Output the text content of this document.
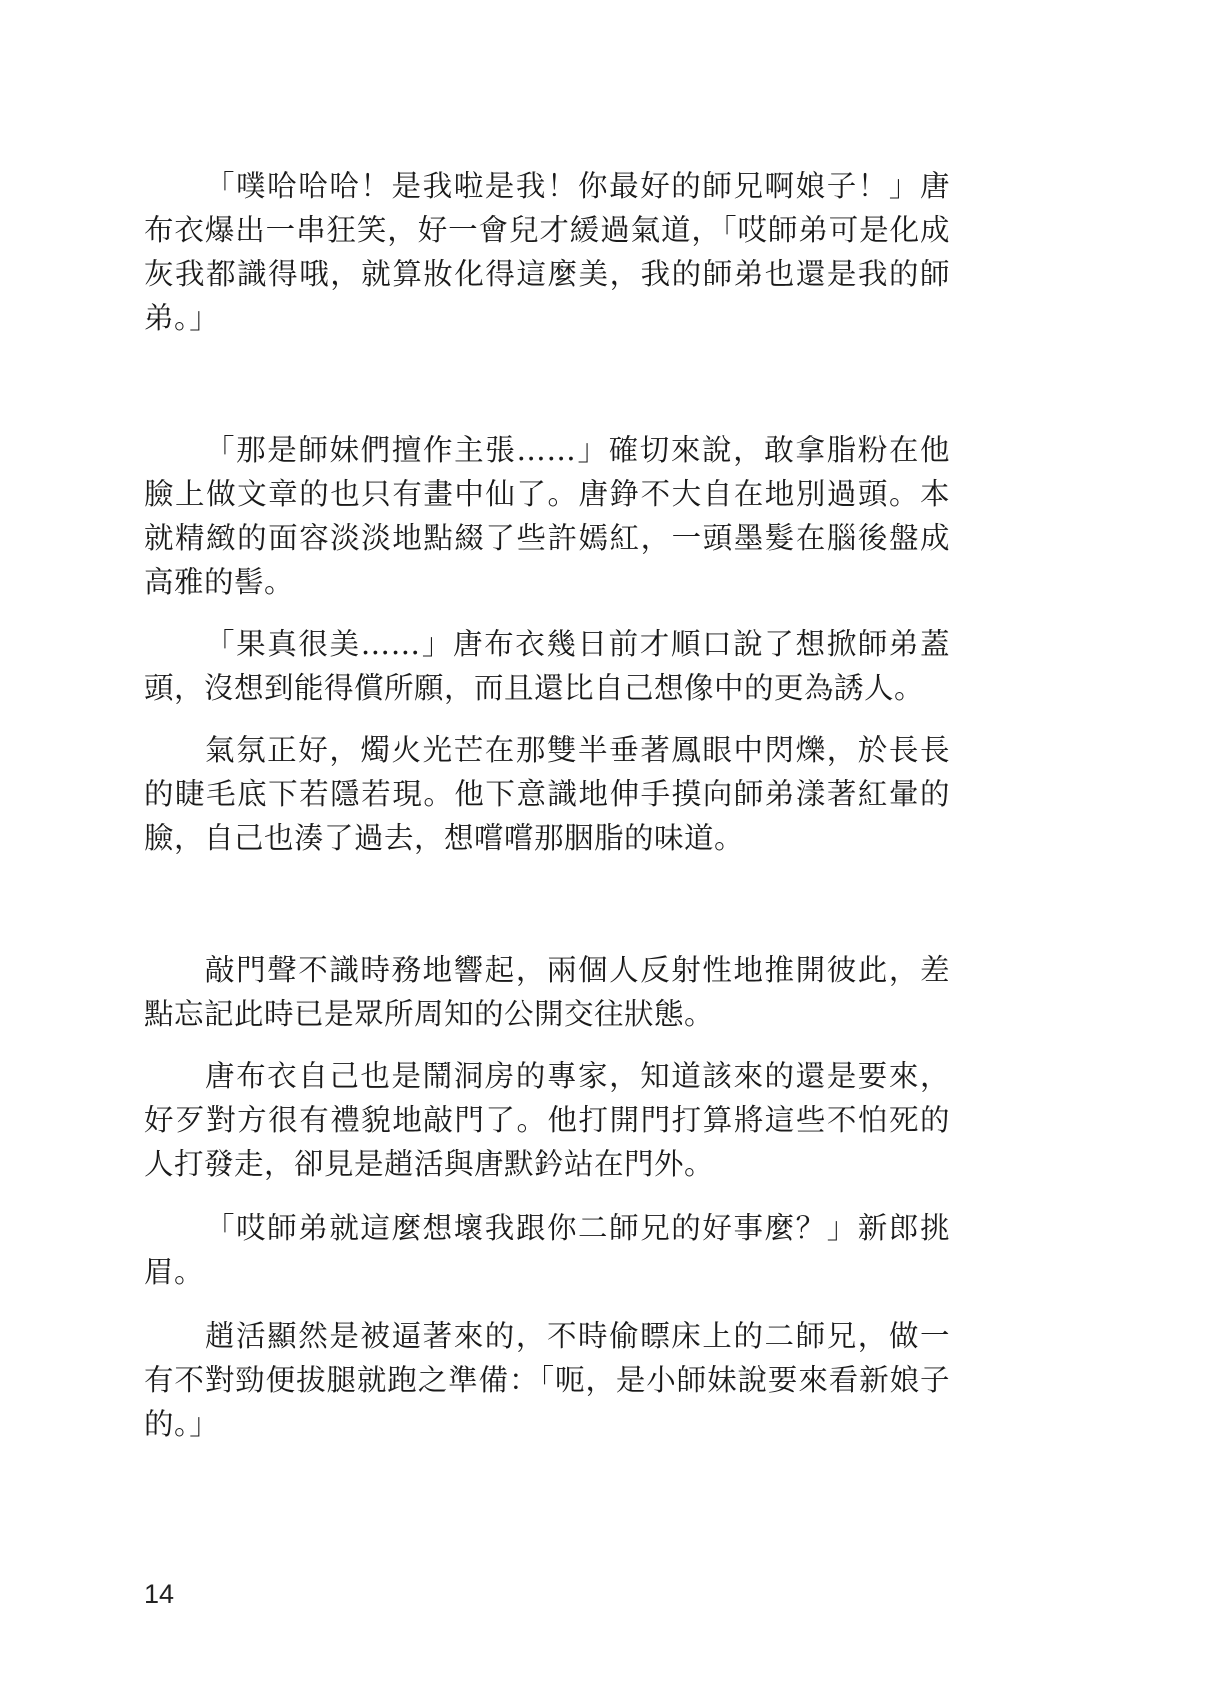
「噗哈哈哈！是我啦是我！你最好的師兄啊娘子！」唐布衣爆出一串狂笑，好一會兒才緩過氣道，「哎師弟可是化成灰我都識得哦，就算妝化得這麼美，我的師弟也還是我的師弟。」

「那是師妹們擅作主張……」確切來說，敢拿脂粉在他臉上做文章的也只有畫中仙了。唐錚不大自在地別過頭。本就精緻的面容淡淡地點綴了些許嫣紅，一頭墨髮在腦後盤成高雅的髻。

「果真很美……」唐布衣幾日前才順口說了想掀師弟蓋頭，沒想到能得償所願，而且還比自己想像中的更為誘人。

氣氛正好，燭火光芒在那雙半垂著鳳眼中閃爍，於長長的睫毛底下若隱若現。他下意識地伸手摸向師弟漾著紅暈的臉，自己也湊了過去，想嚐嚐那胭脂的味道。

敲門聲不識時務地響起，兩個人反射性地推開彼此，差點忘記此時已是眾所周知的公開交往狀態。

唐布衣自己也是鬧洞房的專家，知道該來的還是要來，好歹對方很有禮貌地敲門了。他打開門打算將這些不怕死的人打發走，卻見是趙活與唐默鈐站在門外。

「哎師弟就這麼想壞我跟你二師兄的好事麼？」新郎挑眉。

趙活顯然是被逼著來的，不時偷瞟床上的二師兄，做一有不對勁便拔腿就跑之準備：「呃，是小師妹說要來看新娘子的。」

14
